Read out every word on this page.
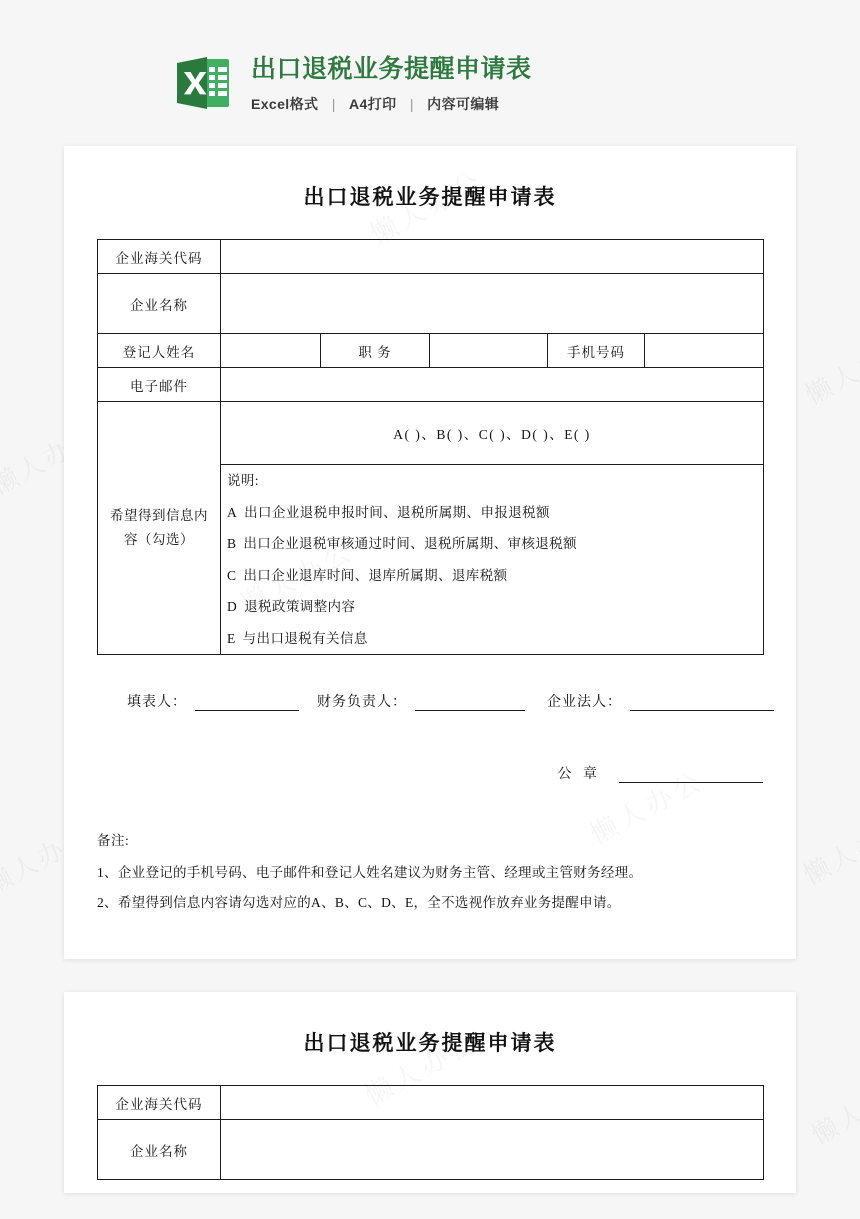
出口退税业务提醒申请表
Excel格式 | A4打印 | 内容可编辑
出口退税业务提醒申请表
企业海关代码					
企业名称					
登记人姓名		职 务		手机号码	
电子邮件					
希望得到信息内容（勾选）	A( )、B( )、C( )、D( )、E( )				

说明:
A 出口企业退税申报时间、退税所属期、申报退税额
B 出口企业退税审核通过时间、退税所属期、审核退税额
C 出口企业退库时间、退库所属期、退库税额
D 退税政策调整内容
E 与出口退税有关信息
填表人：	财务负责人：	企业法人：
公 章
备注:
1、企业登记的手机号码、电子邮件和登记人姓名建议为财务主管、经理或主管财务经理。
2、希望得到信息内容请勾选对应的A、B、C、D、E，全不选视作放弃业务提醒申请。
出口退税业务提醒申请表
企业海关代码	
企业名称	
